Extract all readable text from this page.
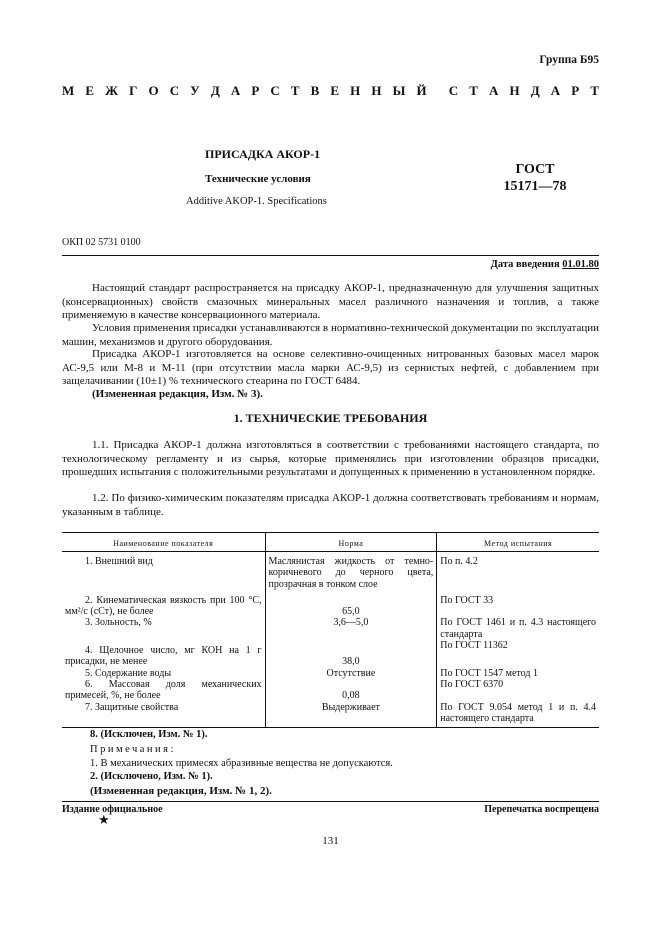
Группа Б95
М Е Ж Г О С У Д А Р С Т В Е Н Н Ы Й С Т А Н Д А Р Т
ПРИСАДКА АКОР-1
Технические условия
Additive AKOP-1. Specifications
ГОСТ
15171—78
ОКП 02 5731 0100
Дата введения 01.01.80
Настоящий стандарт распространяется на присадку АКОР-1, предназначенную для улучшения защитных (консервационных) свойств смазочных минеральных масел различного назначения и топлив, а также применяемую в качестве консервационного материала.
Условия применения присадки устанавливаются в нормативно-технической документации по эксплуатации машин, механизмов и другого оборудования.
Присадка АКОР-1 изготовляется на основе селективно-очищенных нитрованных базовых масел марок АС-9,5 или М-8 и М-11 (при отсутствии масла марки АС-9,5) из сернистых нефтей, с добавлением при защелачивании (10±1) % технического стеарина по ГОСТ 6484.
(Измененная редакция, Изм. № 3).
1. ТЕХНИЧЕСКИЕ ТРЕБОВАНИЯ
1.1. Присадка АКОР-1 должна изготовляться в соответствии с требованиями настоящего стандарта, по технологическому регламенту и из сырья, которые применялись при изготовлении образцов присадки, прошедших испытания с положительными результатами и допущенных к применению в установленном порядке.
1.2. По физико-химическим показателям присадка АКОР-1 должна соответствовать требованиям и нормам, указанным в таблице.
Наименование показателя	Норма	Метод испытания
1. Внешний вид	Маслянистая жидкость от темно-коричневого до черного цвета, прозрачная в тонком слое	По п. 4.2
2. Кинематическая вязкость при 100 °С, мм²/с (сСт), не более	65,0	По ГОСТ 33
3. Зольность, %	3,6—5,0	По ГОСТ 1461 и п. 4.3 настоящего стандарта
4. Щелочное число, мг КОН на 1 г присадки, не менее	38,0	По ГОСТ 11362
5. Содержание воды	Отсутствие	По ГОСТ 1547 метод 1
6. Массовая доля механических примесей, %, не более	0,08	По ГОСТ 6370
7. Защитные свойства	Выдерживает	По ГОСТ 9.054 метод 1 и п. 4.4 настоящего стандарта
8. (Исключен, Изм. № 1).
Примечания:
1. В механических примесях абразивные вещества не допускаются.
2. (Исключено, Изм. № 1).
(Измененная редакция, Изм. № 1, 2).
Издание официальное
★
Перепечатка воспрещена
131
